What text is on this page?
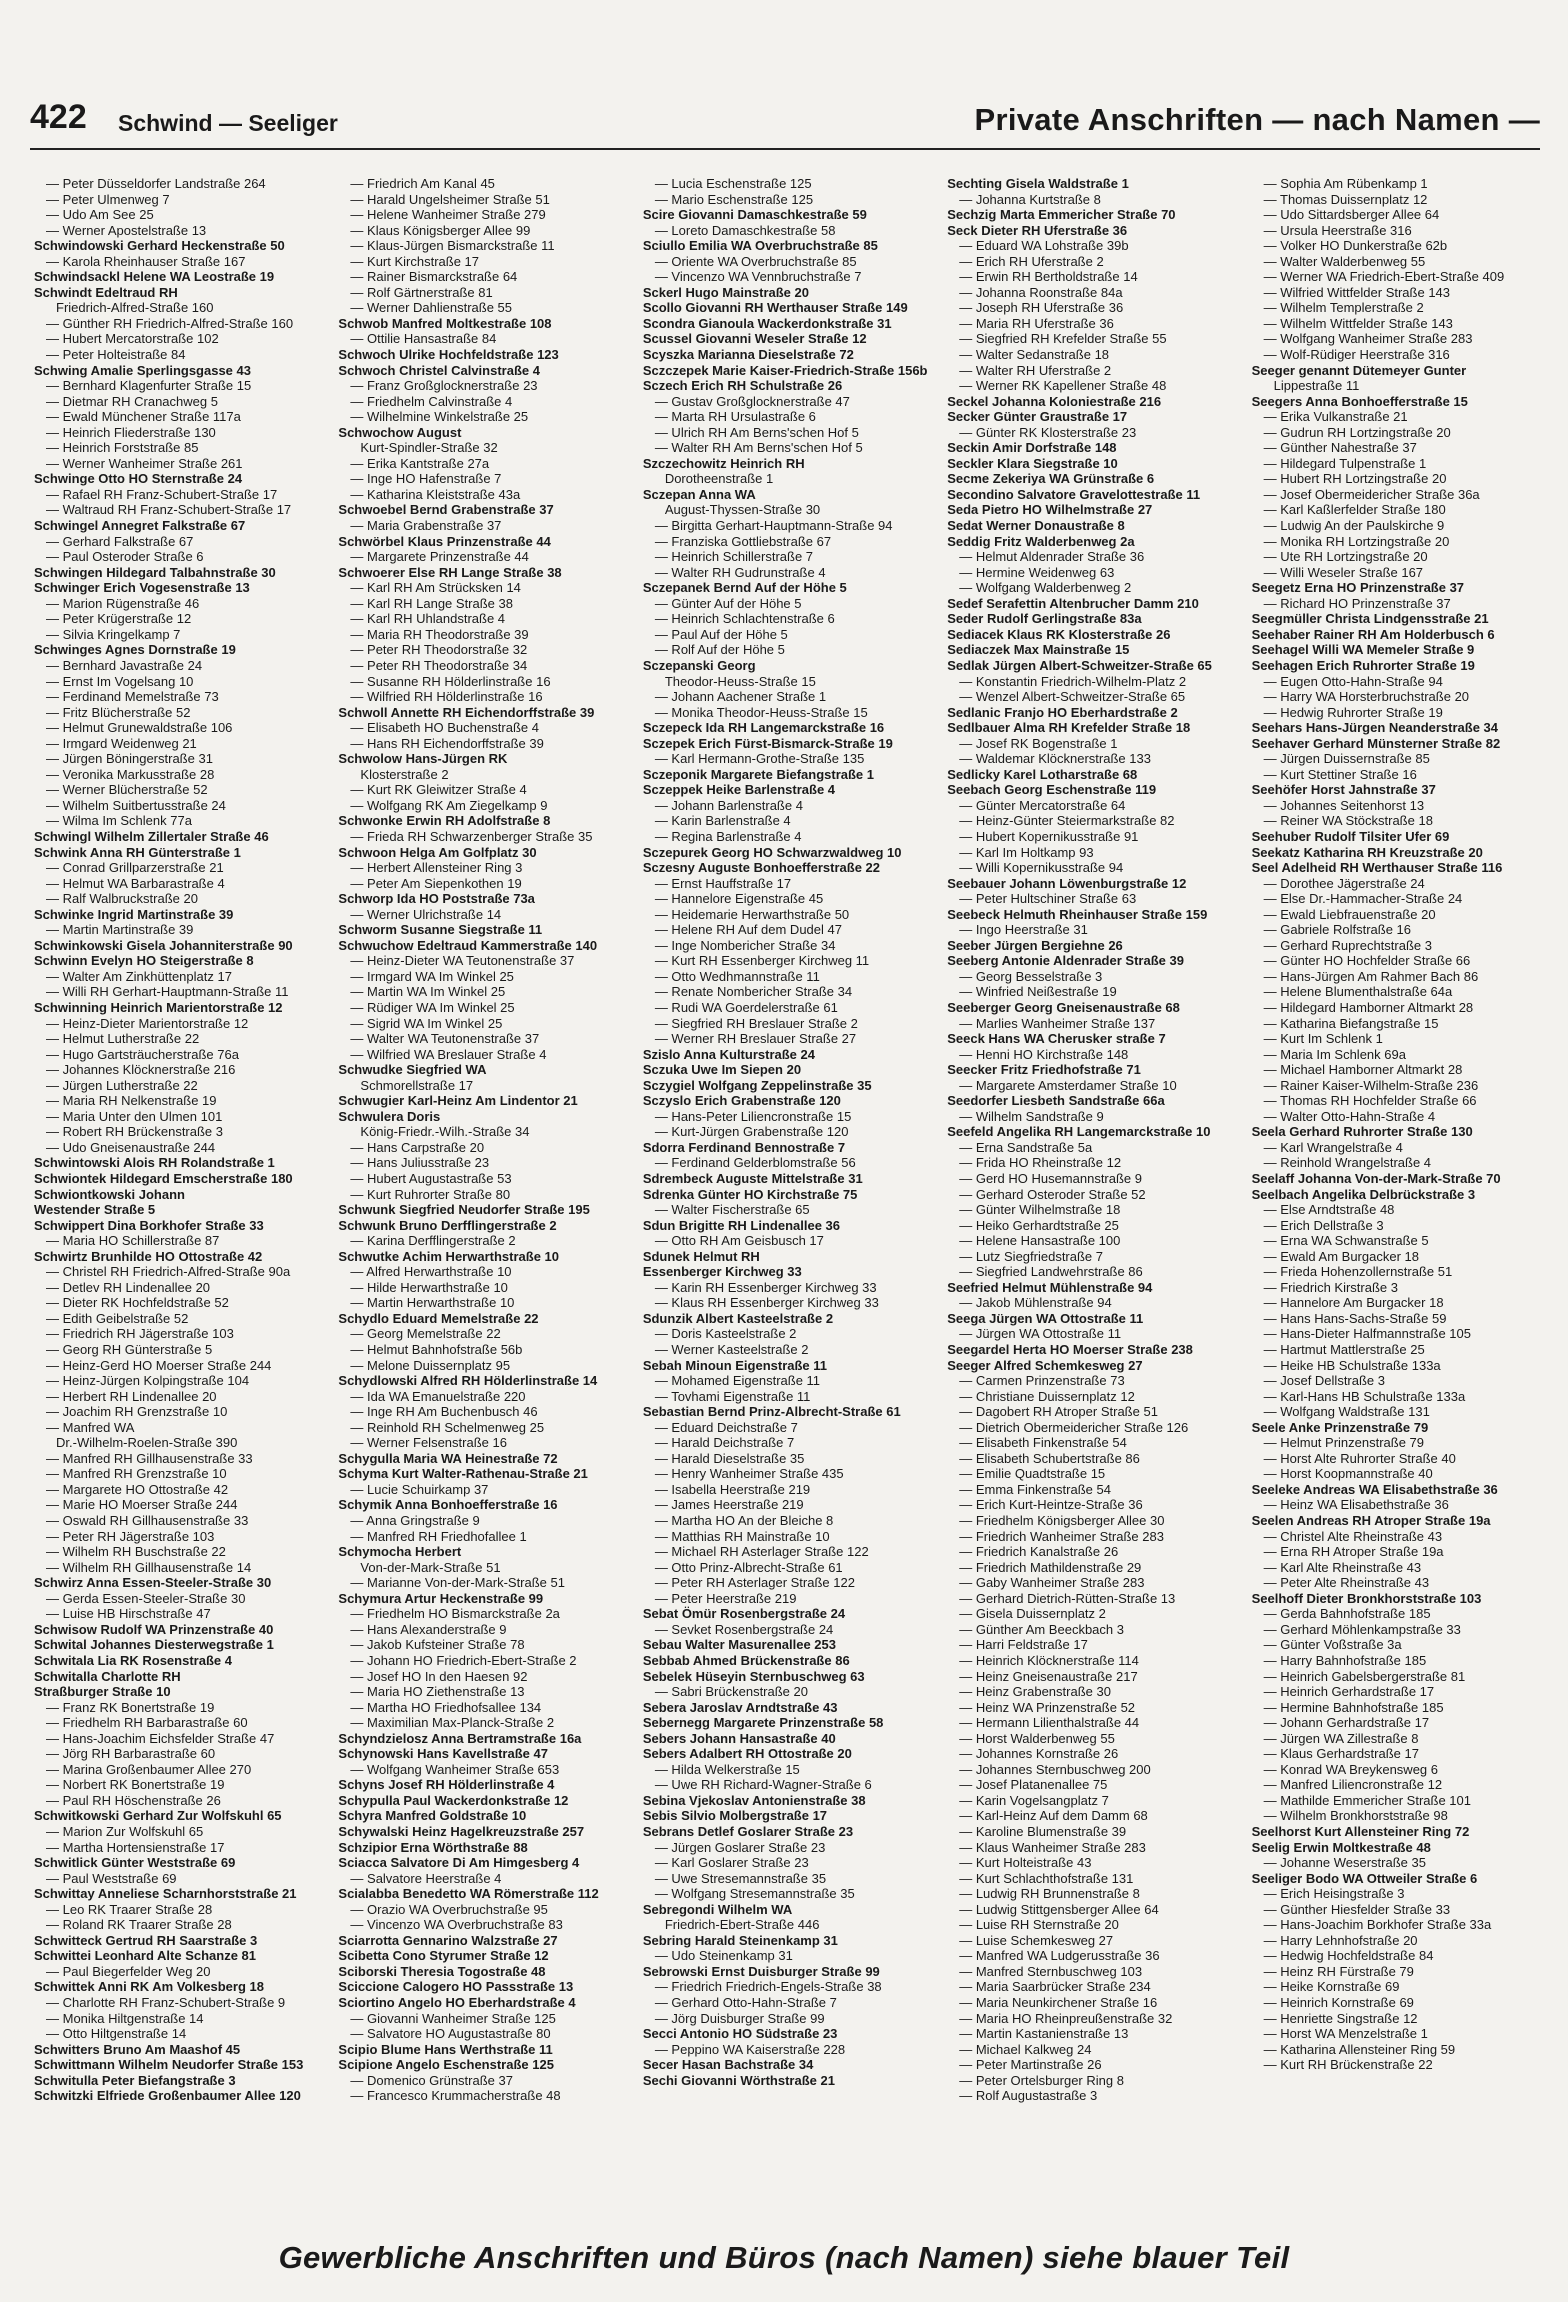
422 Schwind — Seeliger	Private Anschriften — nach Namen —
— Peter Düsseldorfer Landstraße 264
— Peter Ulmenweg 7
— Udo Am See 25
— Werner Apostelstraße 13
Schwindowski Gerhard Heckenstraße 50
— Karola Rheinhauser Straße 167
Schwindsackl Helene WA Leostraße 19
Schwindt Edeltraud RH
Friedrich-Alfred-Straße 160
— Günther RH Friedrich-Alfred-Straße 160
— Hubert Mercatorstraße 102
— Peter Holteistraße 84
Schwing Amalie Sperlingsgasse 43
— Bernhard Klagenfurter Straße 15
— Dietmar RH Cranachweg 5
— Ewald Münchener Straße 117a
— Heinrich Fliederstraße 130
— Heinrich Forststraße 85
— Werner Wanheimer Straße 261
Schwinge Otto HO Sternstraße 24
— Rafael RH Franz-Schubert-Straße 17
— Waltraud RH Franz-Schubert-Straße 17
Schwingel Annegret Falkstraße 67
— Gerhard Falkstraße 67
— Paul Osteroder Straße 6
Schwingen Hildegard Talbahnstraße 30
Schwinger Erich Vogesenstraße 13
— Marion Rügenstraße 46
— Peter Krügerstraße 12
— Silvia Kringelkamp 7
Schwinges Agnes Dornstraße 19
— Bernhard Javastraße 24
— Ernst Im Vogelsang 10
— Ferdinand Memelstraße 73
— Fritz Blücherstraße 52
— Helmut Grunewaldstraße 106
— Irmgard Weidenweg 21
— Jürgen Böningerstraße 31
— Veronika Markusstraße 28
— Werner Blücherstraße 52
— Wilhelm Suitbertusstraße 24
— Wilma Im Schlenk 77a
Schwingl Wilhelm Zillertaler Straße 46
Schwink Anna RH Günterstraße 1
— Conrad Grillparzerstraße 21
— Helmut WA Barbarastraße 4
— Ralf Walbruckstraße 20
Schwinke Ingrid Martinstraße 39
— Martin Martinstraße 39
Schwinkowski Gisela Johanniterstraße 90
Schwinn Evelyn HO Steigerstraße 8
— Walter Am Zinkhüttenplatz 17
— Willi RH Gerhart-Hauptmann-Straße 11
Schwinning Heinrich Marientorstraße 12
— Heinz-Dieter Marientorstraße 12
— Helmut Lutherstraße 22
— Hugo Gartsträucherstraße 76a
— Johannes Klöcknerstraße 216
— Jürgen Lutherstraße 22
— Maria RH Nelkenstraße 19
— Maria Unter den Ulmen 101
— Robert RH Brückenstraße 3
— Udo Gneisenaustraße 244
Schwintowski Alois RH Rolandstraße 1
Schwiontek Hildegard Emscherstraße 180
Schwiontkowski Johann
Westender Straße 5
Schwippert Dina Borkhofer Straße 33
— Maria HO Schillerstraße 87
Schwirtz Brunhilde HO Ottostraße 42
— Christel RH Friedrich-Alfred-Straße 90a
— Detlev RH Lindenallee 20
— Dieter RK Hochfeldstraße 52
— Edith Geibelstraße 52
— Friedrich RH Jägerstraße 103
— Georg RH Günterstraße 5
— Heinz-Gerd HO Moerser Straße 244
— Heinz-Jürgen Kolpingstraße 104
— Herbert RH Lindenallee 20
— Joachim RH Grenzstraße 10
— Manfred WA
Dr.-Wilhelm-Roelen-Straße 390
— Manfred RH Gillhausenstraße 33
— Manfred RH Grenzstraße 10
— Margarete HO Ottostraße 42
— Marie HO Moerser Straße 244
— Oswald RH Gillhausenstraße 33
— Peter RH Jägerstraße 103
— Wilhelm RH Buschstraße 22
— Wilhelm RH Gillhausenstraße 14
Schwirz Anna Essen-Steeler-Straße 30
— Gerda Essen-Steeler-Straße 30
— Luise HB Hirschstraße 47
Schwisow Rudolf WA Prinzenstraße 40
Schwital Johannes Diesterwegstraße 1
Schwitala Lia RK Rosenstraße 4
Schwitalla Charlotte RH
Straßburger Straße 10
— Franz RK Bonertstraße 19
— Friedhelm RH Barbarastraße 60
— Hans-Joachim Eichsfelder Straße 47
— Jörg RH Barbarastraße 60
— Marina Großenbaumer Allee 270
— Norbert RK Bonertstraße 19
— Paul RH Höschenstraße 26
Schwitkowski Gerhard Zur Wolfskuhl 65
— Marion Zur Wolfskuhl 65
— Martha Hortensienstraße 17
Schwitlick Günter Weststraße 69
— Paul Weststraße 69
Schwittay Anneliese Scharnhorststraße 21
— Leo RK Traarer Straße 28
— Roland RK Traarer Straße 28
Schwitteck Gertrud RH Saarstraße 3
Schwittei Leonhard Alte Schanze 81
— Paul Biegerfelder Weg 20
Schwittek Anni RK Am Volkesberg 18
— Charlotte RH Franz-Schubert-Straße 9
— Monika Hiltgenstraße 14
— Otto Hiltgenstraße 14
Schwitters Bruno Am Maashof 45
Schwittmann Wilhelm Neudorfer Straße 153
Schwitulla Peter Biefangstraße 3
Schwitzki Elfriede Großenbaumer Allee 120
— Friedrich Am Kanal 45
— Harald Ungelsheimer Straße 51
— Helene Wanheimer Straße 279
— Klaus Königsberger Allee 99
— Klaus-Jürgen Bismarckstraße 11
— Kurt Kirchstraße 17
— Rainer Bismarckstraße 64
— Rolf Gärtnerstraße 81
— Werner Dahlienstraße 55
Schwob Manfred Moltkestraße 108
— Ottilie Hansastraße 84
Schwoch Ulrike Hochfeldstraße 123
Schwoch Christel Calvinstraße 4
— Franz Großglocknerstraße 23
— Friedhelm Calvinstraße 4
— Wilhelmine Winkelstraße 25
Schwochow August
Kurt-Spindler-Straße 32
— Erika Kantstraße 27a
— Inge HO Hafenstraße 7
— Katharina Kleiststraße 43a
Schwoebel Bernd Grabenstraße 37
— Maria Grabenstraße 37
Schwörbel Klaus Prinzenstraße 44
— Margarete Prinzenstraße 44
Schwoerer Else RH Lange Straße 38
— Karl RH Am Strücksken 14
— Karl RH Lange Straße 38
— Karl RH Uhlandstraße 4
— Maria RH Theodorstraße 39
— Peter RH Theodorstraße 32
— Peter RH Theodorstraße 34
— Susanne RH Hölderlinstraße 16
— Wilfried RH Hölderlinstraße 16
Schwoll Annette RH Eichendorffstraße 39
— Elisabeth HO Buchenstraße 4
— Hans RH Eichendorffstraße 39
Schwolow Hans-Jürgen RK
Klosterstraße 2
— Kurt RK Gleiwitzer Straße 4
— Wolfgang RK Am Ziegelkamp 9
Schwonke Erwin RH Adolfstraße 8
— Frieda RH Schwarzenberger Straße 35
Schwoon Helga Am Golfplatz 30
— Herbert Allensteiner Ring 3
— Peter Am Siepenkothen 19
Schworp Ida HO Poststraße 73a
— Werner Ulrichstraße 14
Schworm Susanne Siegstraße 11
Schwuchow Edeltraud Kammerstraße 140
— Heinz-Dieter WA Teutonenstraße 37
— Irmgard WA Im Winkel 25
— Martin WA Im Winkel 25
— Rüdiger WA Im Winkel 25
— Sigrid WA Im Winkel 25
— Walter WA Teutonenstraße 37
— Wilfried WA Breslauer Straße 4
Schwudke Siegfried WA
Schmorellstraße 17
Schwugier Karl-Heinz Am Lindentor 21
Schwulera Doris
König-Friedr.-Wilh.-Straße 34
— Hans Carpstraße 20
— Hans Juliusstraße 23
— Hubert Augustastraße 53
— Kurt Ruhrorter Straße 80
Schwunk Siegfried Neudorfer Straße 195
Schwunk Bruno Derfflingerstraße 2
— Karina Derfflingerstraße 2
Schwutke Achim Herwarthstraße 10
— Alfred Herwarthstraße 10
— Hilde Herwarthstraße 10
— Martin Herwarthstraße 10
Schydlo Eduard Memelstraße 22
— Georg Memelstraße 22
— Helmut Bahnhofstraße 56b
— Melone Duissernplatz 95
Schydlowski Alfred RH Hölderlinstraße 14
— Ida WA Emanuelstraße 220
— Inge RH Am Buchenbusch 46
— Reinhold RH Schelmenweg 25
— Werner Felsenstraße 16
Schygulla Maria WA Heinestraße 72
Schyma Kurt Walter-Rathenau-Straße 21
— Lucie Schuirkamp 37
Schymik Anna Bonhoefferstraße 16
— Anna Gringstraße 9
— Manfred RH Friedhofallee 1
Schymocha Herbert
Von-der-Mark-Straße 51
— Marianne Von-der-Mark-Straße 51
Schymura Artur Heckenstraße 99
— Friedhelm HO Bismarckstraße 2a
— Hans Alexanderstraße 9
— Jakob Kufsteiner Straße 78
— Johann HO Friedrich-Ebert-Straße 2
— Josef HO In den Haesen 92
— Maria HO Ziethenstraße 13
— Martha HO Friedhofsallee 134
— Maximilian Max-Planck-Straße 2
Schyndzielosz Anna Bertramstraße 16a
Schynowski Hans Kavellstraße 47
— Wolfgang Wanheimer Straße 653
Schyns Josef RH Hölderlinstraße 4
Schypulla Paul Wackerdonkstraße 12
Schyra Manfred Goldstraße 10
Schywalski Heinz Hagelkreuzstraße 257
Schzipior Erna Wörthstraße 88
Sciacca Salvatore Di Am Himgesberg 4
— Salvatore Heerstraße 4
Scialabba Benedetto WA Römerstraße 112
— Orazio WA Overbruchstraße 95
— Vincenzo WA Overbruchstraße 83
Sciarrotta Gennarino Walzstraße 27
Scibetta Cono Styrumer Straße 12
Sciborski Theresia Togostraße 48
Sciccione Calogero HO Passstraße 13
Sciortino Angelo HO Eberhardstraße 4
— Giovanni Wanheimer Straße 125
— Salvatore HO Augustastraße 80
Scipio Blume Hans Werthstraße 11
Scipione Angelo Eschenstraße 125
— Domenico Grünstraße 37
— Francesco Krummacherstraße 48
— Lucia Eschenstraße 125
— Mario Eschenstraße 125
Scire Giovanni Damaschkestraße 59
— Loreto Damaschkestraße 58
Sciullo Emilia WA Overbruchstraße 85
— Oriente WA Overbruchstraße 85
— Vincenzo WA Vennbruchstraße 7
Sckerl Hugo Mainstraße 20
Scollo Giovanni RH Werthauser Straße 149
Scondra Gianoula Wackerdonkstraße 31
Scussel Giovanni Weseler Straße 12
Scyszka Marianna Dieselstraße 72
Sczczepek Marie Kaiser-Friedrich-Straße 156b
Sczech Erich RH Schulstraße 26
— Gustav Großglocknerstraße 47
— Marta RH Ursulastraße 6
— Ulrich RH Am Berns'schen Hof 5
— Walter RH Am Berns'schen Hof 5
Szczechowitz Heinrich RH
Dorotheenstraße 1
Sczepan Anna WA
August-Thyssen-Straße 30
— Birgitta Gerhart-Hauptmann-Straße 94
— Franziska Gottliebstraße 67
— Heinrich Schillerstraße 7
— Walter RH Gudrunstraße 4
Sczepanek Bernd Auf der Höhe 5
— Günter Auf der Höhe 5
— Heinrich Schlachtenstraße 6
— Paul Auf der Höhe 5
— Rolf Auf der Höhe 5
Sczepanski Georg
Theodor-Heuss-Straße 15
— Johann Aachener Straße 1
— Monika Theodor-Heuss-Straße 15
Sczepeck Ida RH Langemarckstraße 16
Sczepek Erich Fürst-Bismarck-Straße 19
— Karl Hermann-Grothe-Straße 135
Sczeponik Margarete Biefangstraße 1
Sczeppek Heike Barlenstraße 4
— Johann Barlenstraße 4
— Karin Barlenstraße 4
— Regina Barlenstraße 4
Sczepurek Georg HO Schwarzwaldweg 10
Sczesny Auguste Bonhoefferstraße 22
— Ernst Hauffstraße 17
— Hannelore Eigenstraße 45
— Heidemarie Herwarthstraße 50
— Helene RH Auf dem Dudel 47
— Inge Nombericher Straße 34
— Kurt RH Essenberger Kirchweg 11
— Otto Wedhmannstraße 11
— Renate Nombericher Straße 34
— Rudi WA Goerdelerstraße 61
— Siegfried RH Breslauer Straße 2
— Werner RH Breslauer Straße 27
Szislo Anna Kulturstraße 24
Sczuka Uwe Im Siepen 20
Sczygiel Wolfgang Zeppelinstraße 35
Sczyslo Erich Grabenstraße 120
— Hans-Peter Liliencronstraße 15
— Kurt-Jürgen Grabenstraße 120
Sdorra Ferdinand Bennostraße 7
— Ferdinand Gelderblomstraße 56
Sdrembeck Auguste Mittelstraße 31
Sdrenka Günter HO Kirchstraße 75
— Walter Fischerstraße 65
Sdun Brigitte RH Lindenallee 36
— Otto RH Am Geisbusch 17
Sdunek Helmut RH
Essenberger Kirchweg 33
— Karin RH Essenberger Kirchweg 33
— Klaus RH Essenberger Kirchweg 33
Sdunzik Albert Kasteelstraße 2
— Doris Kasteelstraße 2
— Werner Kasteelstraße 2
Sebah Minoun Eigenstraße 11
— Mohamed Eigenstraße 11
— Tovhami Eigenstraße 11
Sebastian Bernd Prinz-Albrecht-Straße 61
— Eduard Deichstraße 7
— Harald Deichstraße 7
— Harald Dieselstraße 35
— Henry Wanheimer Straße 435
— Isabella Heerstraße 219
— James Heerstraße 219
— Martha HO An der Bleiche 8
— Matthias RH Mainstraße 10
— Michael RH Asterlager Straße 122
— Otto Prinz-Albrecht-Straße 61
— Peter RH Asterlager Straße 122
— Peter Heerstraße 219
Sebat Ömür Rosenbergstraße 24
— Sevket Rosenbergstraße 24
Sebau Walter Masurenallee 253
Sebbab Ahmed Brückenstraße 86
Sebelek Hüseyin Sternbuschweg 63
— Sabri Brückenstraße 20
Sebera Jaroslav Arndtstraße 43
Sebernegg Margarete Prinzenstraße 58
Sebers Johann Hansastraße 40
Sebers Adalbert RH Ottostraße 20
— Hilda Welkerstraße 15
— Uwe RH Richard-Wagner-Straße 6
Sebina Vjekoslav Antonienstraße 38
Sebis Silvio Molbergstraße 17
Sebrans Detlef Goslarer Straße 23
— Jürgen Goslarer Straße 23
— Karl Goslarer Straße 23
— Uwe Stresemannstraße 35
— Wolfgang Stresemannstraße 35
Sebregondi Wilhelm WA
Friedrich-Ebert-Straße 446
Sebring Harald Steinenkamp 31
— Udo Steinenkamp 31
Sebrowski Ernst Duisburger Straße 99
— Friedrich Friedrich-Engels-Straße 38
— Gerhard Otto-Hahn-Straße 7
— Jörg Duisburger Straße 99
Secci Antonio HO Südstraße 23
— Peppino WA Kaiserstraße 228
Secer Hasan Bachstraße 34
Sechi Giovanni Wörthstraße 21
Sechting Gisela Waldstraße 1
— Johanna Kurtstraße 8
Sechzig Marta Emmericher Straße 70
Seck Dieter RH Uferstraße 36
— Eduard WA Lohstraße 39b
— Erich RH Uferstraße 2
— Erwin RH Bertholdstraße 14
— Johanna Roonstraße 84a
— Joseph RH Uferstraße 36
— Maria RH Uferstraße 36
— Siegfried RH Krefelder Straße 55
— Walter Sedanstraße 18
— Walter RH Uferstraße 2
— Werner RK Kapellener Straße 48
Seckel Johanna Koloniestraße 216
Secker Günter Graustraße 17
— Günter RK Klosterstraße 23
Seckin Amir Dorfstraße 148
Seckler Klara Siegstraße 10
Secme Zekeriya WA Grünstraße 6
Secondino Salvatore Gravelottestraße 11
Seda Pietro HO Wilhelmstraße 27
Sedat Werner Donaustraße 8
Seddig Fritz Walderbenweg 2a
— Helmut Aldenrader Straße 36
— Hermine Weidenweg 63
— Wolfgang Walderbenweg 2
Sedef Serafettin Altenbrucher Damm 210
Seder Rudolf Gerlingstraße 83a
Sediacek Klaus RK Klosterstraße 26
Sediaczek Max Mainstraße 15
Sedlak Jürgen Albert-Schweitzer-Straße 65
— Konstantin Friedrich-Wilhelm-Platz 2
— Wenzel Albert-Schweitzer-Straße 65
Sedlanic Franjo HO Eberhardstraße 2
Sedlbauer Alma RH Krefelder Straße 18
— Josef RK Bogenstraße 1
— Waldemar Klöcknerstraße 133
Sedlicky Karel Lotharstraße 68
Seebach Georg Eschenstraße 119
— Günter Mercatorstraße 64
— Heinz-Günter Steiermarkstraße 82
— Hubert Kopernikusstraße 91
— Karl Im Holtkamp 93
— Willi Kopernikusstraße 94
Seebauer Johann Löwenburgstraße 12
— Peter Hultschiner Straße 63
Seebeck Helmuth Rheinhauser Straße 159
— Ingo Heerstraße 31
Seeber Jürgen Bergiehne 26
Seeberg Antonie Aldenrader Straße 39
— Georg Besselstraße 3
— Winfried Neißestraße 19
Seeberger Georg Gneisenaustraße 68
— Marlies Wanheimer Straße 137
Seeck Hans WA Cherusker straße 7
— Henni HO Kirchstraße 148
Seecker Fritz Friedhofstraße 71
— Margarete Amsterdamer Straße 10
Seedorfer Liesbeth Sandstraße 66a
— Wilhelm Sandstraße 9
Seefeld Angelika RH Langemarckstraße 10
— Erna Sandstraße 5a
— Frida HO Rheinstraße 12
— Gerd HO Husemannstraße 9
— Gerhard Osteroder Straße 52
— Günter Wilhelmstraße 18
— Heiko Gerhardtstraße 25
— Helene Hansastraße 100
— Lutz Siegfriedstraße 7
— Siegfried Landwehrstraße 86
Seefried Helmut Mühlenstraße 94
— Jakob Mühlenstraße 94
Seega Jürgen WA Ottostraße 11
— Jürgen WA Ottostraße 11
Seegardel Herta HO Moerser Straße 238
Seeger Alfred Schemkesweg 27
— Carmen Prinzenstraße 73
— Christiane Duissernplatz 12
— Dagobert RH Atroper Straße 51
— Dietrich Obermeidericher Straße 126
— Elisabeth Finkenstraße 54
— Elisabeth Schubertstraße 86
— Emilie Quadtstraße 15
— Emma Finkenstraße 54
— Erich Kurt-Heintze-Straße 36
— Friedhelm Königsberger Allee 30
— Friedrich Wanheimer Straße 283
— Friedrich Kanalstraße 26
— Friedrich Mathildenstraße 29
— Gaby Wanheimer Straße 283
— Gerhard Dietrich-Rütten-Straße 13
— Gisela Duissernplatz 2
— Günther Am Beeckbach 3
— Harri Feldstraße 17
— Heinrich Klöcknerstraße 114
— Heinz Gneisenaustraße 217
— Heinz Grabenstraße 30
— Heinz WA Prinzenstraße 52
— Hermann Lilienthalstraße 44
— Horst Walderbenweg 55
— Johannes Kornstraße 26
— Johannes Sternbuschweg 200
— Josef Platanenallee 75
— Karin Vogelsangplatz 7
— Karl-Heinz Auf dem Damm 68
— Karoline Blumenstraße 39
— Klaus Wanheimer Straße 283
— Kurt Holteistraße 43
— Kurt Schlachthofstraße 131
— Ludwig RH Brunnenstraße 8
— Ludwig Stittgensberger Allee 64
— Luise RH Sternstraße 20
— Luise Schemkesweg 27
— Manfred WA Ludgerusstraße 36
— Manfred Sternbuschweg 103
— Maria Saarbrücker Straße 234
— Maria Neunkirchener Straße 16
— Maria HO Rheinpreußenstraße 32
— Martin Kastanienstraße 13
— Michael Kalkweg 24
— Peter Martinstraße 26
— Peter Ortelsburger Ring 8
— Rolf Augustastraße 3
— Sophia Am Rübenkamp 1
— Thomas Duissernplatz 12
— Udo Sittardsberger Allee 64
— Ursula Heerstraße 316
— Volker HO Dunkerstraße 62b
— Walter Walderbenweg 55
— Werner WA Friedrich-Ebert-Straße 409
— Wilfried Wittfelder Straße 143
— Wilhelm Templerstraße 2
— Wilhelm Wittfelder Straße 143
— Wolfgang Wanheimer Straße 283
— Wolf-Rüdiger Heerstraße 316
Seeger genannt Dütemeyer Gunter
Lippestraße 11
Seegers Anna Bonhoefferstraße 15
— Erika Vulkanstraße 21
— Gudrun RH Lortzingstraße 20
— Günther Nahestraße 37
— Hildegard Tulpenstraße 1
— Hubert RH Lortzingstraße 20
— Josef Obermeidericher Straße 36a
— Karl Kaßlerfelder Straße 180
— Ludwig An der Paulskirche 9
— Monika RH Lortzingstraße 20
— Ute RH Lortzingstraße 20
— Willi Weseler Straße 167
Seegetz Erna HO Prinzenstraße 37
— Richard HO Prinzenstraße 37
Seegmüller Christa Lindgensstraße 21
Seehaber Rainer RH Am Holderbusch 6
Seehagel Willi WA Memeler Straße 9
Seehagen Erich Ruhrorter Straße 19
— Eugen Otto-Hahn-Straße 94
— Harry WA Horsterbruchstraße 20
— Hedwig Ruhrorter Straße 19
Seehars Hans-Jürgen Neanderstraße 34
Seehaver Gerhard Münsterner Straße 82
— Jürgen Duissernstraße 85
— Kurt Stettiner Straße 16
Seehöfer Horst Jahnstraße 37
— Johannes Seitenhorst 13
— Reiner WA Stöckstraße 18
Seehuber Rudolf Tilsiter Ufer 69
Seekatz Katharina RH Kreuzstraße 20
Seel Adelheid RH Werthauser Straße 116
— Dorothee Jägerstraße 24
— Else Dr.-Hammacher-Straße 24
— Ewald Liebfrauenstraße 20
— Gabriele Rolfstraße 16
— Gerhard Ruprechtstraße 3
— Günter HO Hochfelder Straße 66
— Hans-Jürgen Am Rahmer Bach 86
— Helene Blumenthalstraße 64a
— Hildegard Hamborner Altmarkt 28
— Katharina Biefangstraße 15
— Kurt Im Schlenk 1
— Maria Im Schlenk 69a
— Michael Hamborner Altmarkt 28
— Rainer Kaiser-Wilhelm-Straße 236
— Thomas RH Hochfelder Straße 66
— Walter Otto-Hahn-Straße 4
Seela Gerhard Ruhrorter Straße 130
— Karl Wrangelstraße 4
— Reinhold Wrangelstraße 4
Seelaff Johanna Von-der-Mark-Straße 70
Seelbach Angelika Delbrückstraße 3
— Else Arndtstraße 48
— Erich Dellstraße 3
— Erna WA Schwanstraße 5
— Ewald Am Burgacker 18
— Frieda Hohenzollernstraße 51
— Friedrich Kirstraße 3
— Hannelore Am Burgacker 18
— Hans Hans-Sachs-Straße 59
— Hans-Dieter Halfmannstraße 105
— Hartmut Mattlerstraße 25
— Heike HB Schulstraße 133a
— Josef Dellstraße 3
— Karl-Hans HB Schulstraße 133a
— Wolfgang Waldstraße 131
Seele Anke Prinzenstraße 79
— Helmut Prinzenstraße 79
— Horst Alte Ruhrorter Straße 40
— Horst Koopmannstraße 40
Seeleke Andreas WA Elisabethstraße 36
— Heinz WA Elisabethstraße 36
Seelen Andreas RH Atroper Straße 19a
— Christel Alte Rheinstraße 43
— Erna RH Atroper Straße 19a
— Karl Alte Rheinstraße 43
— Peter Alte Rheinstraße 43
Seelhoff Dieter Bronkhorststraße 103
— Gerda Bahnhofstraße 185
— Gerhard Möhlenkampstraße 33
— Günter Voßstraße 3a
— Harry Bahnhofstraße 185
— Heinrich Gabelsbergerstraße 81
— Heinrich Gerhardstraße 17
— Hermine Bahnhofstraße 185
— Johann Gerhardstraße 17
— Jürgen WA Zillestraße 8
— Klaus Gerhardstraße 17
— Konrad WA Breykensweg 6
— Manfred Liliencronstraße 12
— Mathilde Emmericher Straße 101
— Wilhelm Bronkhorststraße 98
Seelhorst Kurt Allensteiner Ring 72
Seelig Erwin Moltkestraße 48
— Johanne Weserstraße 35
Seeliger Bodo WA Ottweiler Straße 6
— Erich Heisingstraße 3
— Günther Hiesfelder Straße 33
— Hans-Joachim Borkhofer Straße 33a
— Harry Lehnhofstraße 20
— Hedwig Hochfeldstraße 84
— Heinz RH Fürstraße 79
— Heike Kornstraße 69
— Heinrich Kornstraße 69
— Henriette Singstraße 12
— Horst WA Menzelstraße 1
— Katharina Allensteiner Ring 59
— Kurt RH Brückenstraße 22
Gewerbliche Anschriften und Büros (nach Namen) siehe blauer Teil
